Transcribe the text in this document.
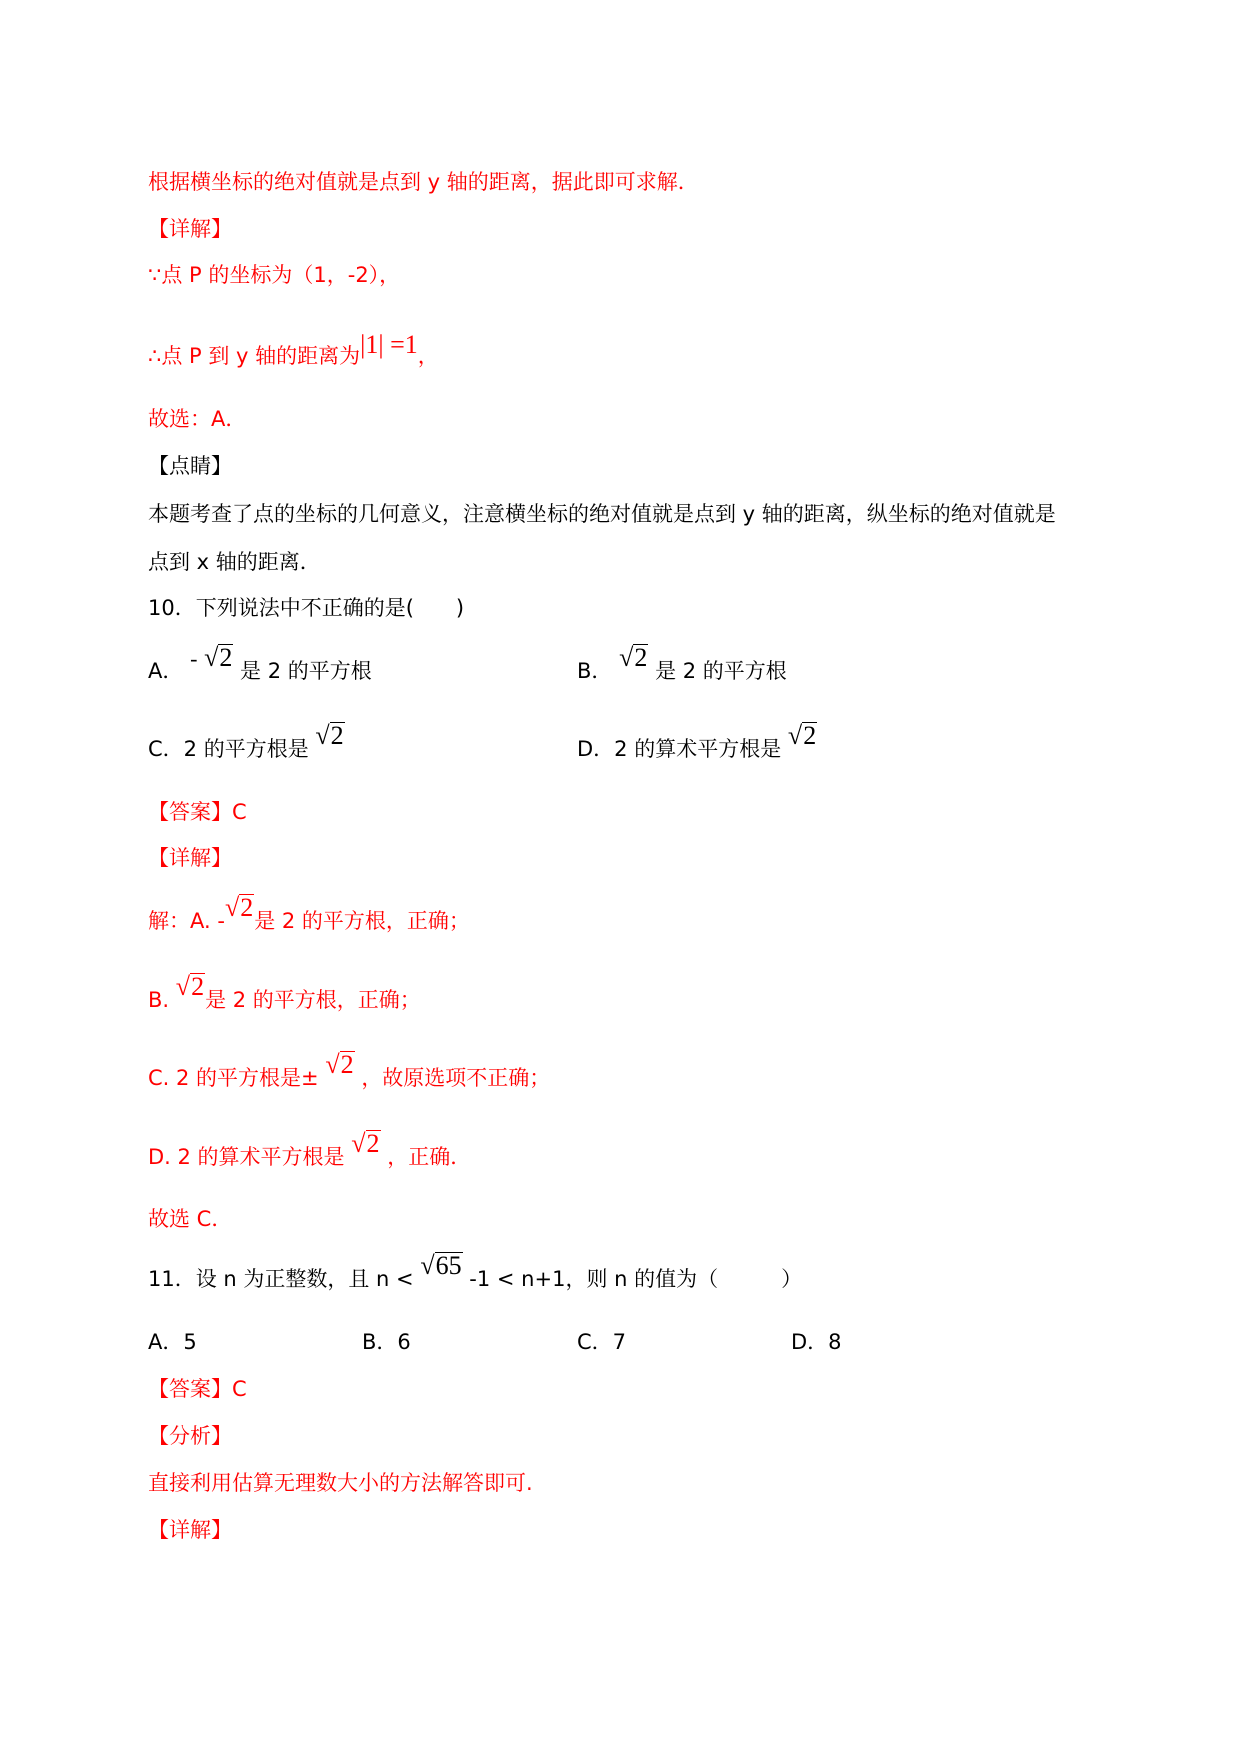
根据横坐标的绝对值就是点到 y 轴的距离，据此即可求解．
【详解】
∵点 P 的坐标为（1，-2），
∴点 P 到 y 轴的距离为|1| =1，
故选：A．
【点睛】
本题考查了点的坐标的几何意义，注意横坐标的绝对值就是点到 y 轴的距离，纵坐标的绝对值就是
点到 x 轴的距离．
10．下列说法中不正确的是(　　)
A． - √2 是 2 的平方根	B． √2 是 2 的平方根
C．2 的平方根是 √2	D．2 的算术平方根是 √2
【答案】C
【详解】
解：A. -√2是 2 的平方根，正确；
B. √2是 2 的平方根，正确；
C. 2 的平方根是± √2 ，故原选项不正确；
D. 2 的算术平方根是 √2 ，正确．
故选 C．
11．设 n 为正整数，且 n < √65 -1 < n+1，则 n 的值为（　　　）
A．5	B．6	C．7	D．8
【答案】C
【分析】
直接利用估算无理数大小的方法解答即可.
【详解】
